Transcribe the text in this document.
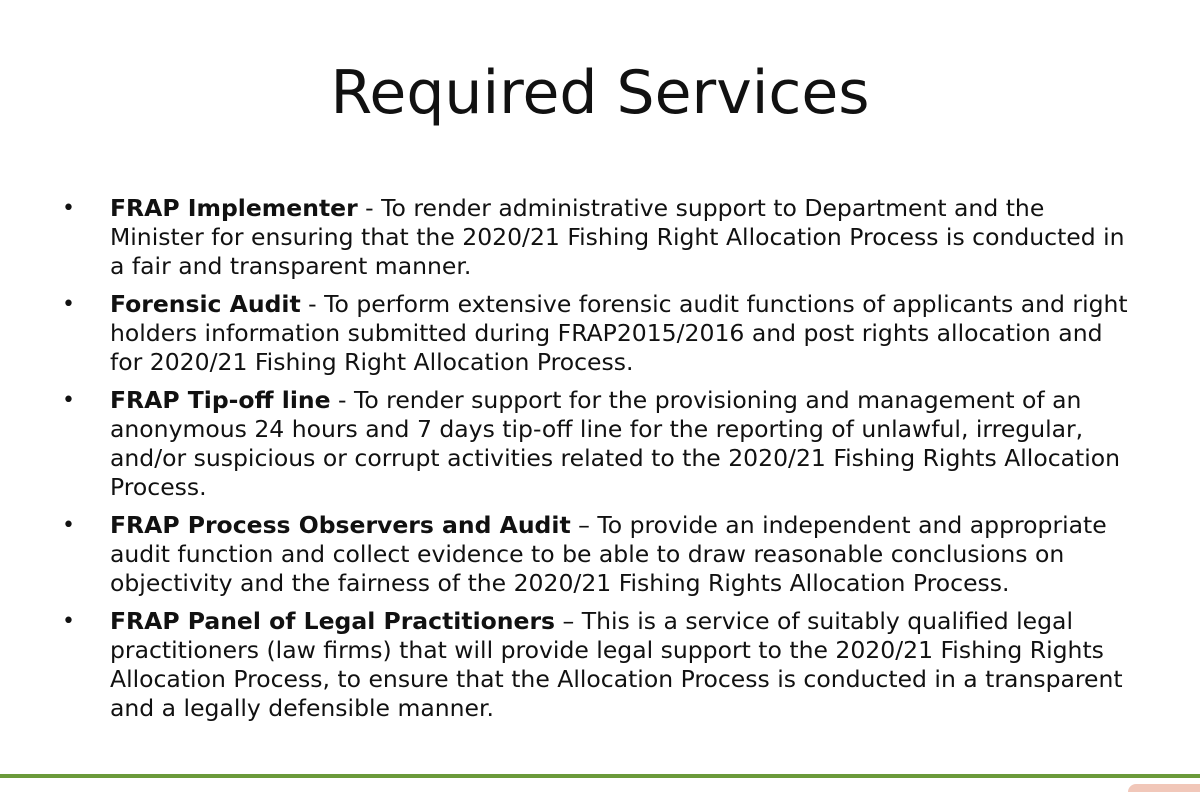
Required Services
•	FRAP Implementer - To render administrative support to Department and the Minister for ensuring that the 2020/21 Fishing Right Allocation Process is conducted in a fair and transparent manner.
•	Forensic Audit - To perform extensive forensic audit functions of applicants and right holders information submitted during FRAP2015/2016 and post rights allocation and for 2020/21 Fishing Right Allocation Process.
•	FRAP Tip-off line - To render support for the provisioning and management of an anonymous 24 hours and 7 days tip-off line for the reporting of unlawful, irregular, and/or suspicious or corrupt activities related to the 2020/21 Fishing Rights Allocation Process.
•	FRAP Process Observers and Audit – To provide an independent and appropriate audit function and collect evidence to be able to draw reasonable conclusions on objectivity and the fairness of the 2020/21 Fishing Rights Allocation Process.
•	FRAP Panel of Legal Practitioners – This is a service of suitably qualified legal practitioners (law firms) that will provide legal support to the 2020/21 Fishing Rights Allocation Process, to ensure that the Allocation Process is conducted in a transparent and a legally defensible manner.
